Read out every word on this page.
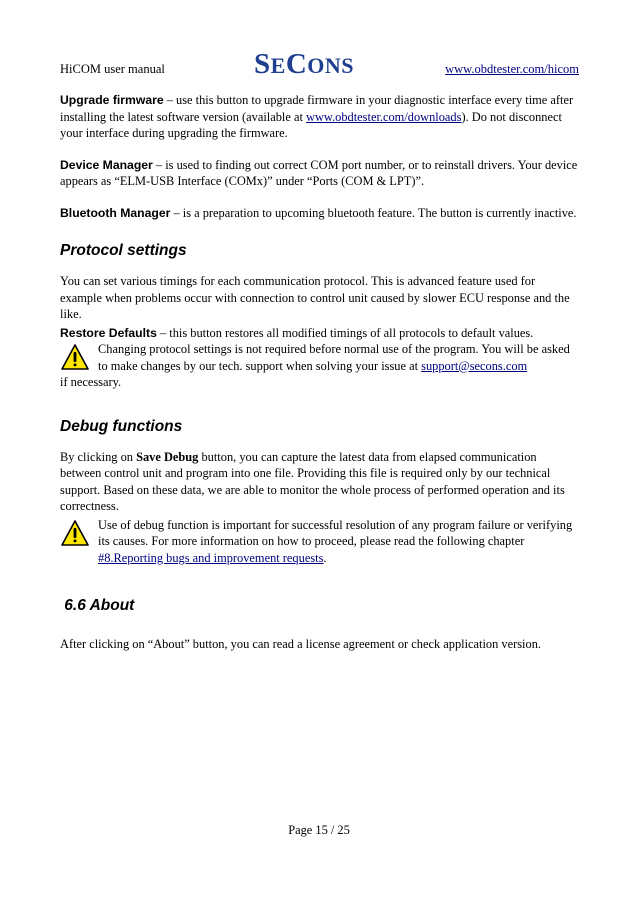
HiCOM user manual	SECONS	www.obdtester.com/hicom

Upgrade firmware – use this button to upgrade firmware in your diagnostic interface every time after installing the latest software version (available at www.obdtester.com/downloads). Do not disconnect your interface during upgrading the firmware.

Device Manager – is used to finding out correct COM port number, or to reinstall drivers. Your device appears as “ELM-USB Interface (COMx)” under “Ports (COM & LPT)”.

Bluetooth Manager – is a preparation to upcoming bluetooth feature. The button is currently inactive.

Protocol settings

You can set various timings for each communication protocol. This is advanced feature used for example when problems occur with connection to control unit caused by slower ECU response and the like.

Restore Defaults – this button restores all modified timings of all protocols to default values.

Changing protocol settings is not required before normal use of the program. You will be asked to make changes by our tech. support when solving your issue at support@secons.com
if necessary.

Debug functions

By clicking on Save Debug button, you can capture the latest data from elapsed communication between control unit and program into one file. Providing this file is required only by our technical support. Based on these data, we are able to monitor the whole process of performed operation and its correctness.

Use of debug function is important for successful resolution of any program failure or verifying its causes. For more information on how to proceed, please read the following chapter #8.Reporting bugs and improvement requests.

6.6 About

After clicking on “About” button, you can read a license agreement or check application version.

Page 15 / 25
